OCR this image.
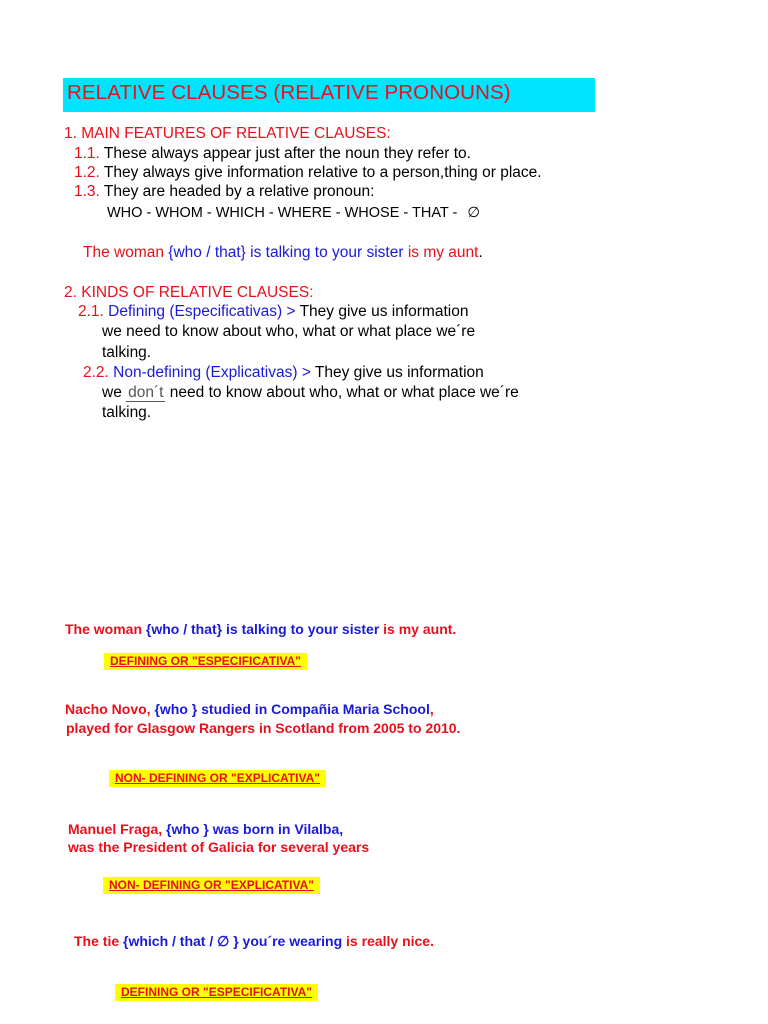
RELATIVE CLAUSES (RELATIVE PRONOUNS)
1. MAIN FEATURES OF RELATIVE CLAUSES:
1.1. These always appear just after the noun they refer to.
1.2. They always give information relative to a person,thing or place.
1.3. They are headed by a relative pronoun:
WHO - WHOM - WHICH - WHERE - WHOSE - THAT - ∅
The woman {who / that} is talking to your sister is my aunt.
2. KINDS OF RELATIVE CLAUSES:
2.1. Defining (Especificativas) > They give us information
we need to know about who, what or what place we´re
talking.
2.2. Non-defining (Explicativas) > They give us information
we don´t need to know about who, what or what place we´re
talking.
The woman {who / that} is talking to your sister is my aunt.
DEFINING OR "ESPECIFICATIVA"
Nacho Novo, {who } studied in Compañia Maria School,
played for Glasgow Rangers in Scotland from 2005 to 2010.
NON- DEFINING OR "EXPLICATIVA"
Manuel Fraga, {who } was born in Vilalba,
was the President of Galicia for several years
NON- DEFINING OR "EXPLICATIVA"
The tie {which / that / ∅ } you´re wearing is really nice.
DEFINING OR "ESPECIFICATIVA"
